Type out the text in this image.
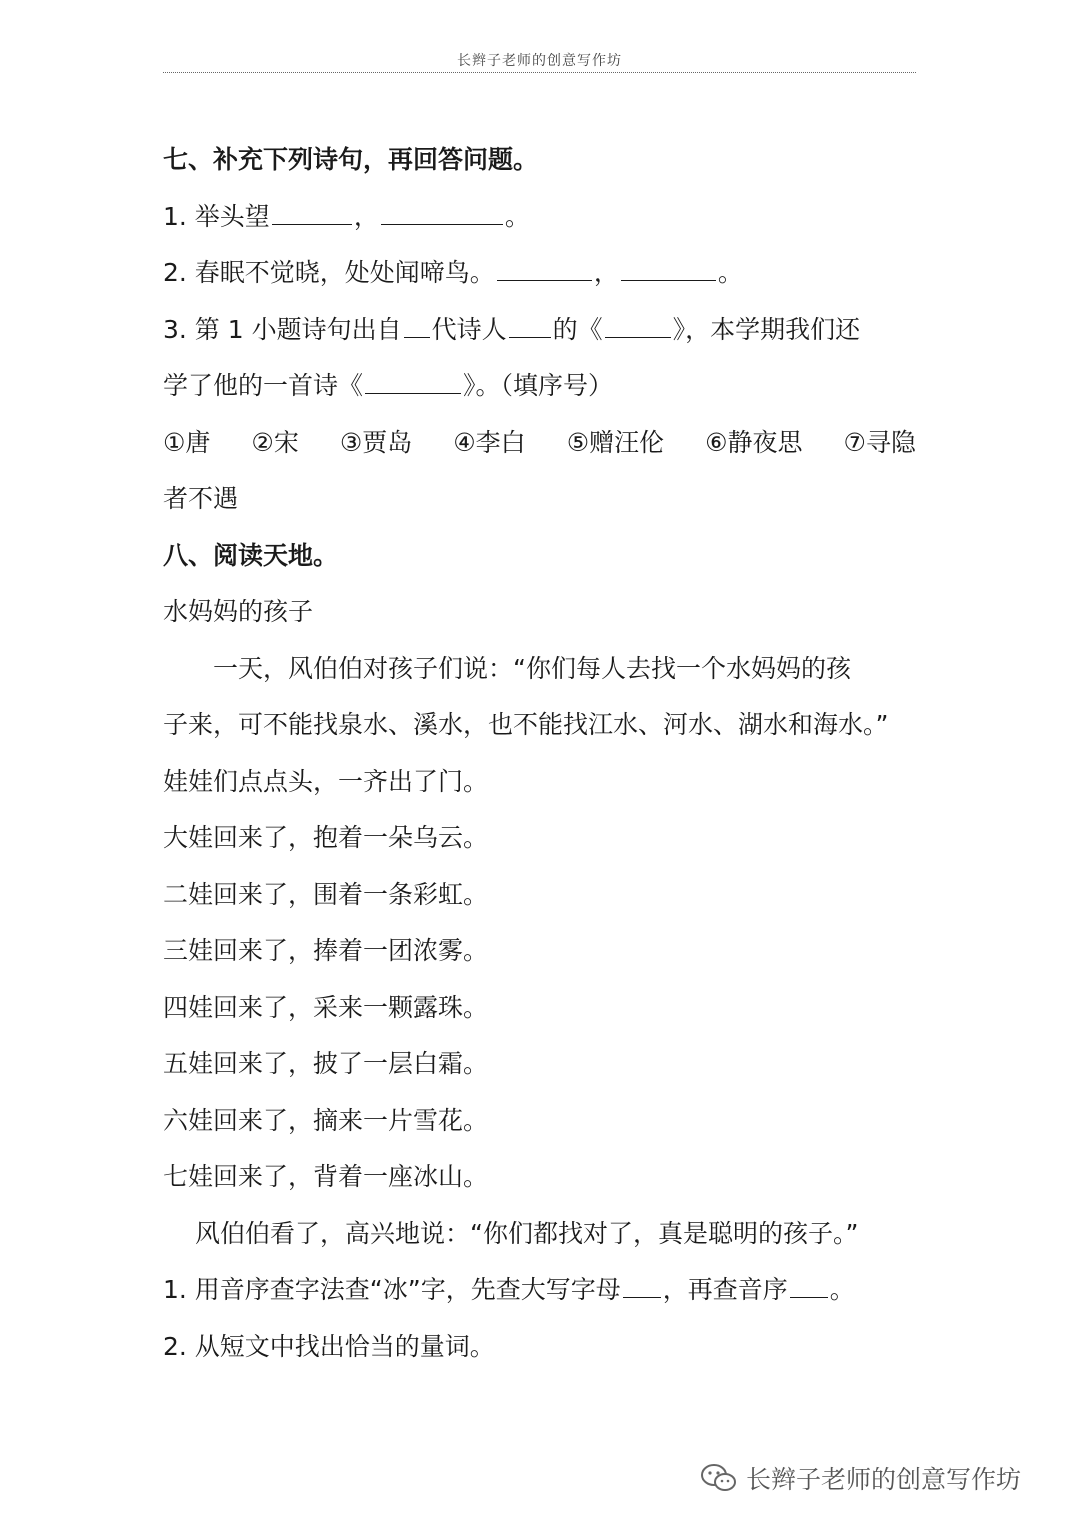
长辫子老师的创意写作坊
七、补充下列诗句，再回答问题。
1. 举头望	，	。
2. 春眠不觉晓，处处闻啼鸟。	，	。
3. 第 1 小题诗句出自 代诗人 的《	》，本学期我们还
学了他的一首诗《	》。（填序号）
①唐 ②宋 ③贾岛 ④李白 ⑤赠汪伦 ⑥静夜思 ⑦寻隐
者不遇
八、阅读天地。
水妈妈的孩子
一天，风伯伯对孩子们说：“你们每人去找一个水妈妈的孩
子来，可不能找泉水、溪水，也不能找江水、河水、湖水和海水。”
娃娃们点点头，一齐出了门。
大娃回来了，抱着一朵乌云。
二娃回来了，围着一条彩虹。
三娃回来了，捧着一团浓雾。
四娃回来了，采来一颗露珠。
五娃回来了，披了一层白霜。
六娃回来了，摘来一片雪花。
七娃回来了，背着一座冰山。
风伯伯看了，高兴地说：“你们都找对了，真是聪明的孩子。”
1. 用音序查字法查“冰”字，先查大写字母 ，再查音序 。
2. 从短文中找出恰当的量词。
长辫子老师的创意写作坊
